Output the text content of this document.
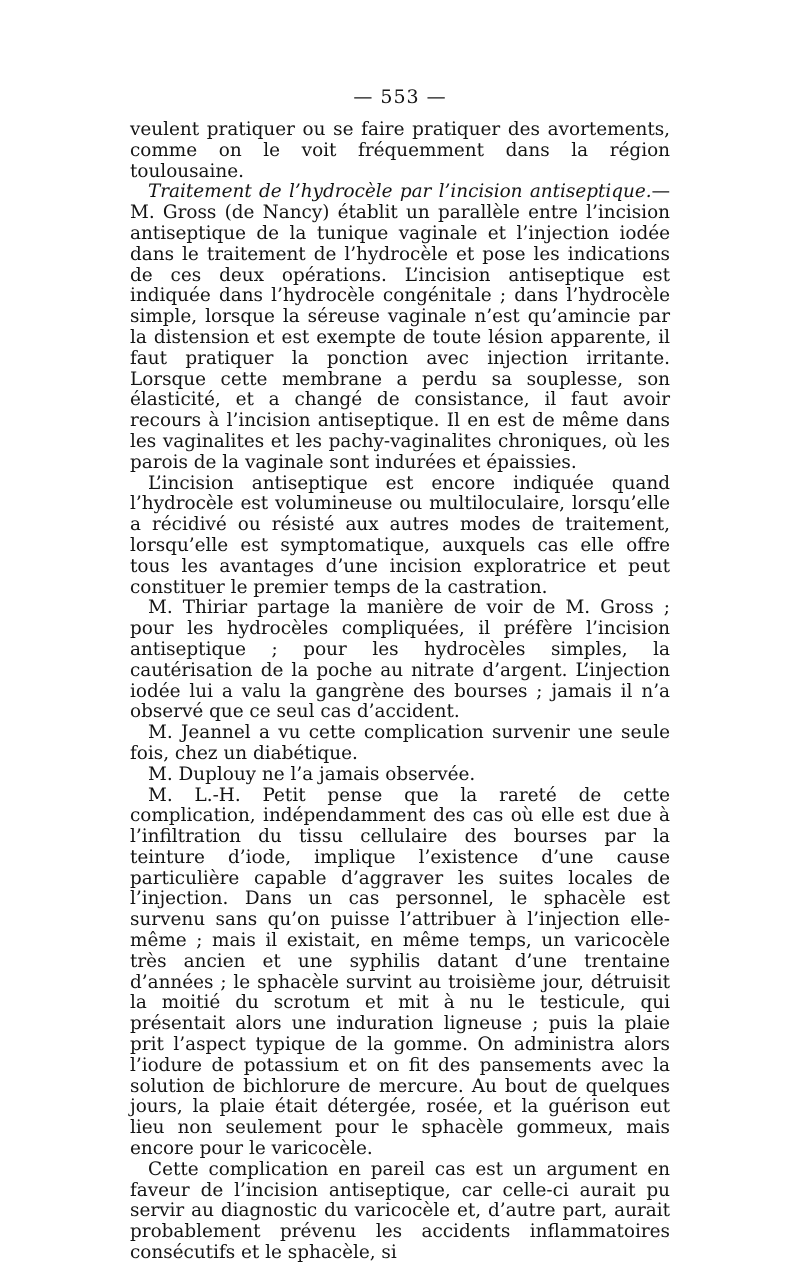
— 553 —

veulent pratiquer ou se faire pratiquer des avortements, comme on le voit fréquemment dans la région toulousaine.

Traitement de l’hydrocèle par l’incision antiseptique.— M. Gross (de Nancy) établit un parallèle entre l’incision antiseptique de la tunique vaginale et l’injection iodée dans le traitement de l’hydrocèle et pose les indications de ces deux opérations. L’incision antiseptique est indiquée dans l’hydrocèle congénitale ; dans l’hydrocèle simple, lorsque la séreuse vaginale n’est qu’amincie par la distension et est exempte de toute lésion apparente, il faut pratiquer la ponction avec injection irritante. Lorsque cette membrane a perdu sa souplesse, son élasticité, et a changé de consistance, il faut avoir recours à l’incision antiseptique. Il en est de même dans les vaginalites et les pachy-vaginalites chroniques, où les parois de la vaginale sont indurées et épaissies.

L’incision antiseptique est encore indiquée quand l’hydrocèle est volumineuse ou multiloculaire, lorsqu’elle a récidivé ou résisté aux autres modes de traitement, lorsqu’elle est symptomatique, auxquels cas elle offre tous les avantages d’une incision exploratrice et peut constituer le premier temps de la castration.

M. Thiriar partage la manière de voir de M. Gross ; pour les hydrocèles compliquées, il préfère l’incision antiseptique ; pour les hydrocèles simples, la cautérisation de la poche au nitrate d’argent. L’injection iodée lui a valu la gangrène des bourses ; jamais il n’a observé que ce seul cas d’accident.

M. Jeannel a vu cette complication survenir une seule fois, chez un diabétique.

M. Duplouy ne l’a jamais observée.

M. L.-H. Petit pense que la rareté de cette complication, indépendamment des cas où elle est due à l’infiltration du tissu cellulaire des bourses par la teinture d’iode, implique l’existence d’une cause particulière capable d’aggraver les suites locales de l’injection. Dans un cas personnel, le sphacèle est survenu sans qu’on puisse l’attribuer à l’injection elle-même ; mais il existait, en même temps, un varicocèle très ancien et une syphilis datant d’une trentaine d’années ; le sphacèle survint au troisième jour, détruisit la moitié du scrotum et mit à nu le testicule, qui présentait alors une induration ligneuse ; puis la plaie prit l’aspect typique de la gomme. On administra alors l’iodure de potassium et on fit des pansements avec la solution de bichlorure de mercure. Au bout de quelques jours, la plaie était détergée, rosée, et la guérison eut lieu non seulement pour le sphacèle gommeux, mais encore pour le varicocèle.

Cette complication en pareil cas est un argument en faveur de l’incision antiseptique, car celle-ci aurait pu servir au diagnostic du varicocèle et, d’autre part, aurait probablement prévenu les accidents inflammatoires consécutifs et le sphacèle, si
